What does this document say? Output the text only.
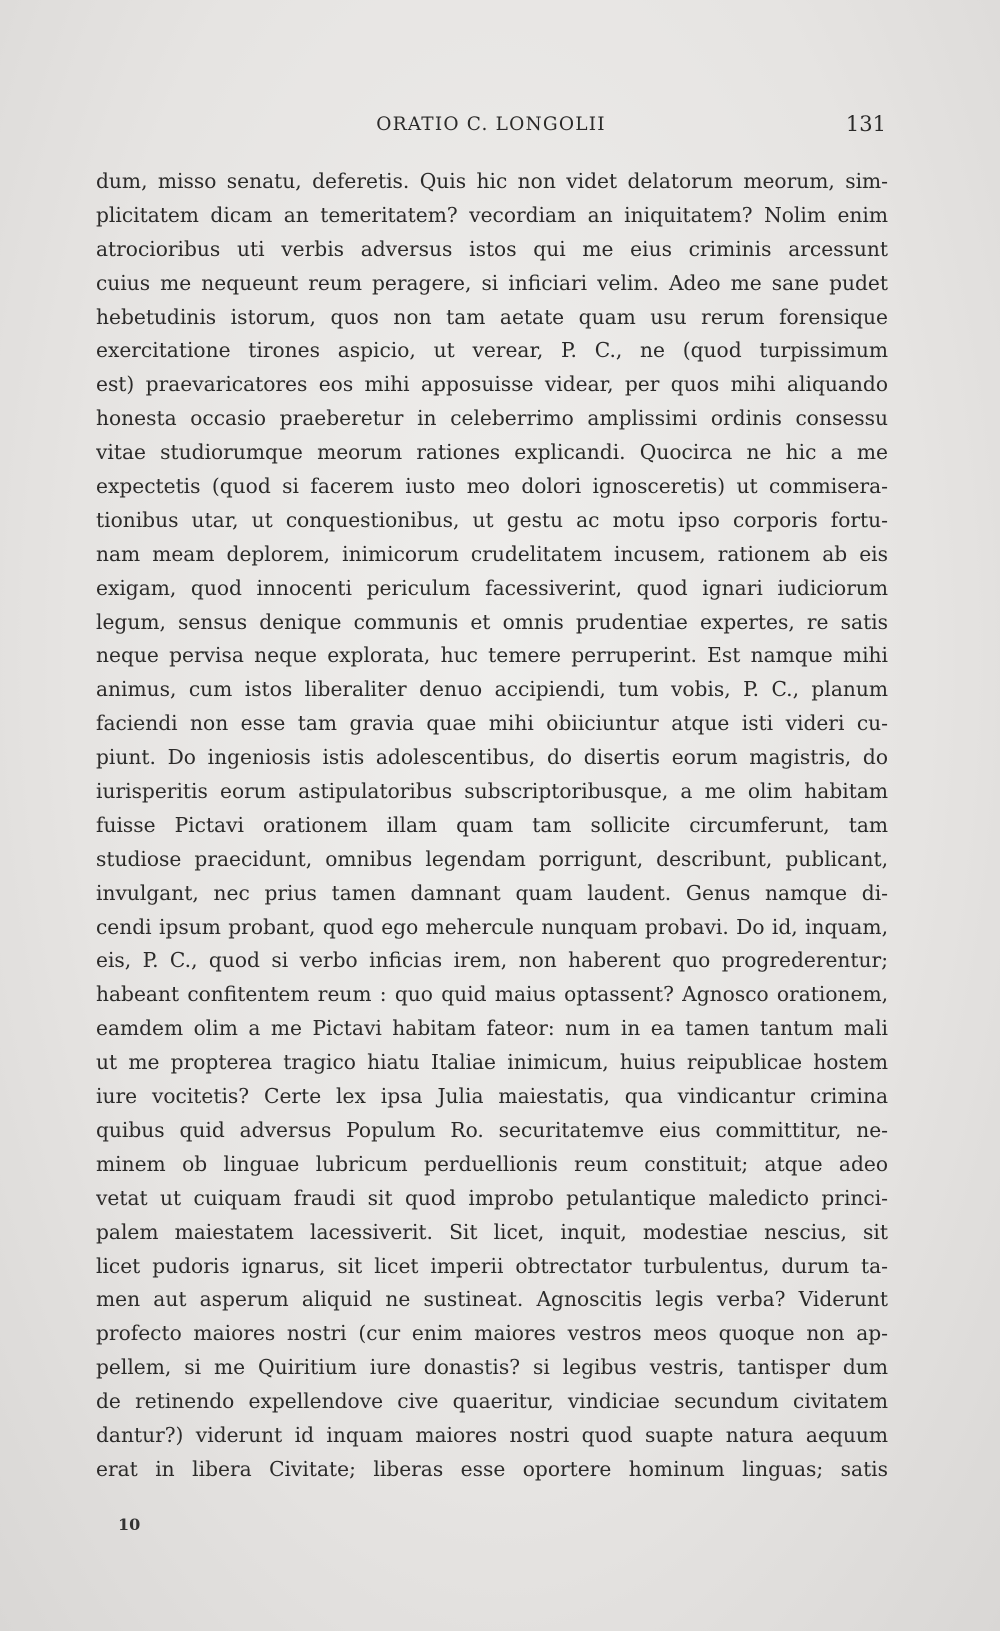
ORATIO C. LONGOLII	131
dum, misso senatu, deferetis. Quis hic non videt delatorum meorum, sim-
plicitatem dicam an temeritatem? vecordiam an iniquitatem? Nolim enim
atrocioribus uti verbis adversus istos qui me eius criminis arcessunt
cuius me nequeunt reum peragere, si inficiari velim. Adeo me sane pudet
hebetudinis istorum, quos non tam aetate quam usu rerum forensique
exercitatione tirones aspicio, ut verear, P. C., ne (quod turpissimum
est) praevaricatores eos mihi apposuisse videar, per quos mihi aliquando
honesta occasio praeberetur in celeberrimo amplissimi ordinis consessu
vitae studiorumque meorum rationes explicandi. Quocirca ne hic a me
expectetis (quod si facerem iusto meo dolori ignosceretis) ut commisera-
tionibus utar, ut conquestionibus, ut gestu ac motu ipso corporis fortu-
nam meam deplorem, inimicorum crudelitatem incusem, rationem ab eis
exigam, quod innocenti periculum facessiverint, quod ignari iudiciorum
legum, sensus denique communis et omnis prudentiae expertes, re satis
neque pervisa neque explorata, huc temere perruperint. Est namque mihi
animus, cum istos liberaliter denuo accipiendi, tum vobis, P. C., planum
faciendi non esse tam gravia quae mihi obiiciuntur atque isti videri cu-
piunt. Do ingeniosis istis adolescentibus, do disertis eorum magistris, do
iurisperitis eorum astipulatoribus subscriptoribusque, a me olim habitam
fuisse Pictavi orationem illam quam tam sollicite circumferunt, tam
studiose praecidunt, omnibus legendam porrigunt, describunt, publicant,
invulgant, nec prius tamen damnant quam laudent. Genus namque di-
cendi ipsum probant, quod ego mehercule nunquam probavi. Do id, inquam,
eis, P. C., quod si verbo inficias irem, non haberent quo progrederentur;
habeant confitentem reum : quo quid maius optassent? Agnosco orationem,
eamdem olim a me Pictavi habitam fateor: num in ea tamen tantum mali
ut me propterea tragico hiatu Italiae inimicum, huius reipublicae hostem
iure vocitetis? Certe lex ipsa Julia maiestatis, qua vindicantur crimina
quibus quid adversus Populum Ro. securitatemve eius committitur, ne-
minem ob linguae lubricum perduellionis reum constituit; atque adeo
vetat ut cuiquam fraudi sit quod improbo petulantique maledicto princi-
palem maiestatem lacessiverit. Sit licet, inquit, modestiae nescius, sit
licet pudoris ignarus, sit licet imperii obtrectator turbulentus, durum ta-
men aut asperum aliquid ne sustineat. Agnoscitis legis verba? Viderunt
profecto maiores nostri (cur enim maiores vestros meos quoque non ap-
pellem, si me Quiritium iure donastis? si legibus vestris, tantisper dum
de retinendo expellendove cive quaeritur, vindiciae secundum civitatem
dantur?) viderunt id inquam maiores nostri quod suapte natura aequum
erat in libera Civitate; liberas esse oportere hominum linguas; satis
10
